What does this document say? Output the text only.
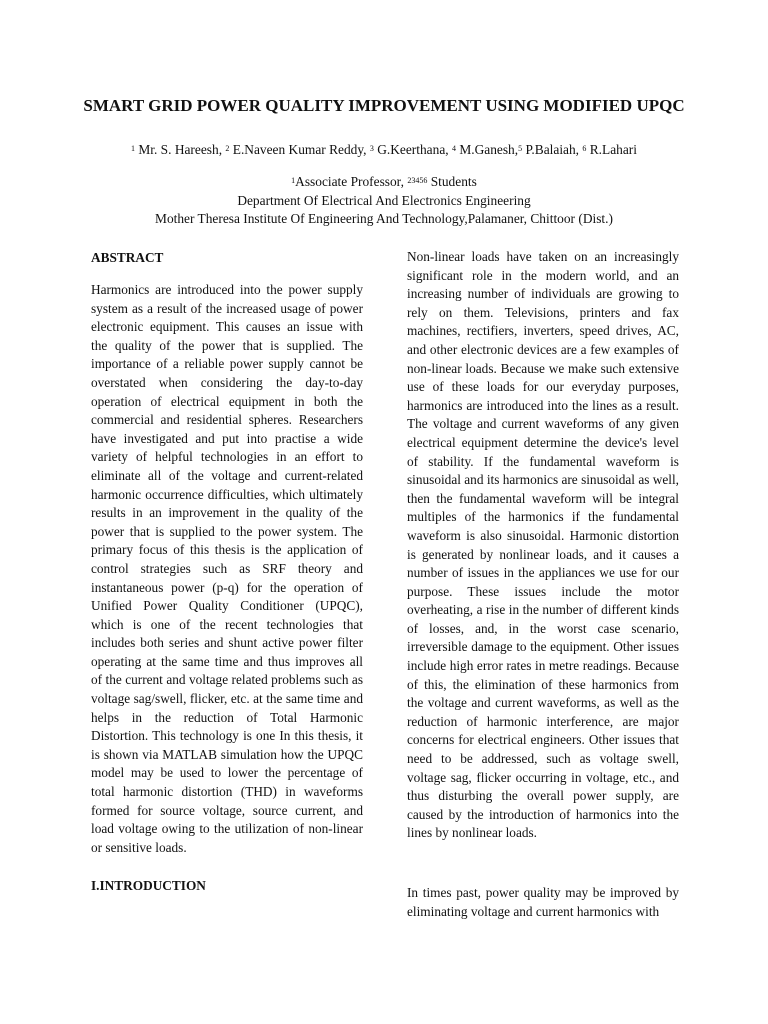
SMART GRID POWER QUALITY IMPROVEMENT USING MODIFIED UPQC
$^1$ Mr. S. Hareesh, $^2$ E.Naveen Kumar Reddy, $^3$ G.Keerthana, $^4$ M.Ganesh,$^5$ P.Balaiah, $^6$ R.Lahari
$^1$Associate Professor, $^{23456}$ Students
Department Of Electrical And Electronics Engineering
Mother Theresa Institute Of Engineering And Technology,Palamaner, Chittoor (Dist.)
ABSTRACT
Harmonics are introduced into the power supply system as a result of the increased usage of power electronic equipment. This causes an issue with the quality of the power that is supplied. The importance of a reliable power supply cannot be overstated when considering the day-to-day operation of electrical equipment in both the commercial and residential spheres. Researchers have investigated and put into practise a wide variety of helpful technologies in an effort to eliminate all of the voltage and current-related harmonic occurrence difficulties, which ultimately results in an improvement in the quality of the power that is supplied to the power system. The primary focus of this thesis is the application of control strategies such as SRF theory and instantaneous power (p-q) for the operation of Unified Power Quality Conditioner (UPQC), which is one of the recent technologies that includes both series and shunt active power filter operating at the same time and thus improves all of the current and voltage related problems such as voltage sag/swell, flicker, etc. at the same time and helps in the reduction of Total Harmonic Distortion. This technology is one In this thesis, it is shown via MATLAB simulation how the UPQC model may be used to lower the percentage of total harmonic distortion (THD) in waveforms formed for source voltage, source current, and load voltage owing to the utilization of non-linear or sensitive loads.
I.INTRODUCTION
Non-linear loads have taken on an increasingly significant role in the modern world, and an increasing number of individuals are growing to rely on them. Televisions, printers and fax machines, rectifiers, inverters, speed drives, AC, and other electronic devices are a few examples of non-linear loads. Because we make such extensive use of these loads for our everyday purposes, harmonics are introduced into the lines as a result. The voltage and current waveforms of any given electrical equipment determine the device's level of stability. If the fundamental waveform is sinusoidal and its harmonics are sinusoidal as well, then the fundamental waveform will be integral multiples of the harmonics if the fundamental waveform is also sinusoidal. Harmonic distortion is generated by nonlinear loads, and it causes a number of issues in the appliances we use for our purpose. These issues include the motor overheating, a rise in the number of different kinds of losses, and, in the worst case scenario, irreversible damage to the equipment. Other issues include high error rates in metre readings. Because of this, the elimination of these harmonics from the voltage and current waveforms, as well as the reduction of harmonic interference, are major concerns for electrical engineers. Other issues that need to be addressed, such as voltage swell, voltage sag, flicker occurring in voltage, etc., and thus disturbing the overall power supply, are caused by the introduction of harmonics into the lines by nonlinear loads.
In times past, power quality may be improved by eliminating voltage and current harmonics with
